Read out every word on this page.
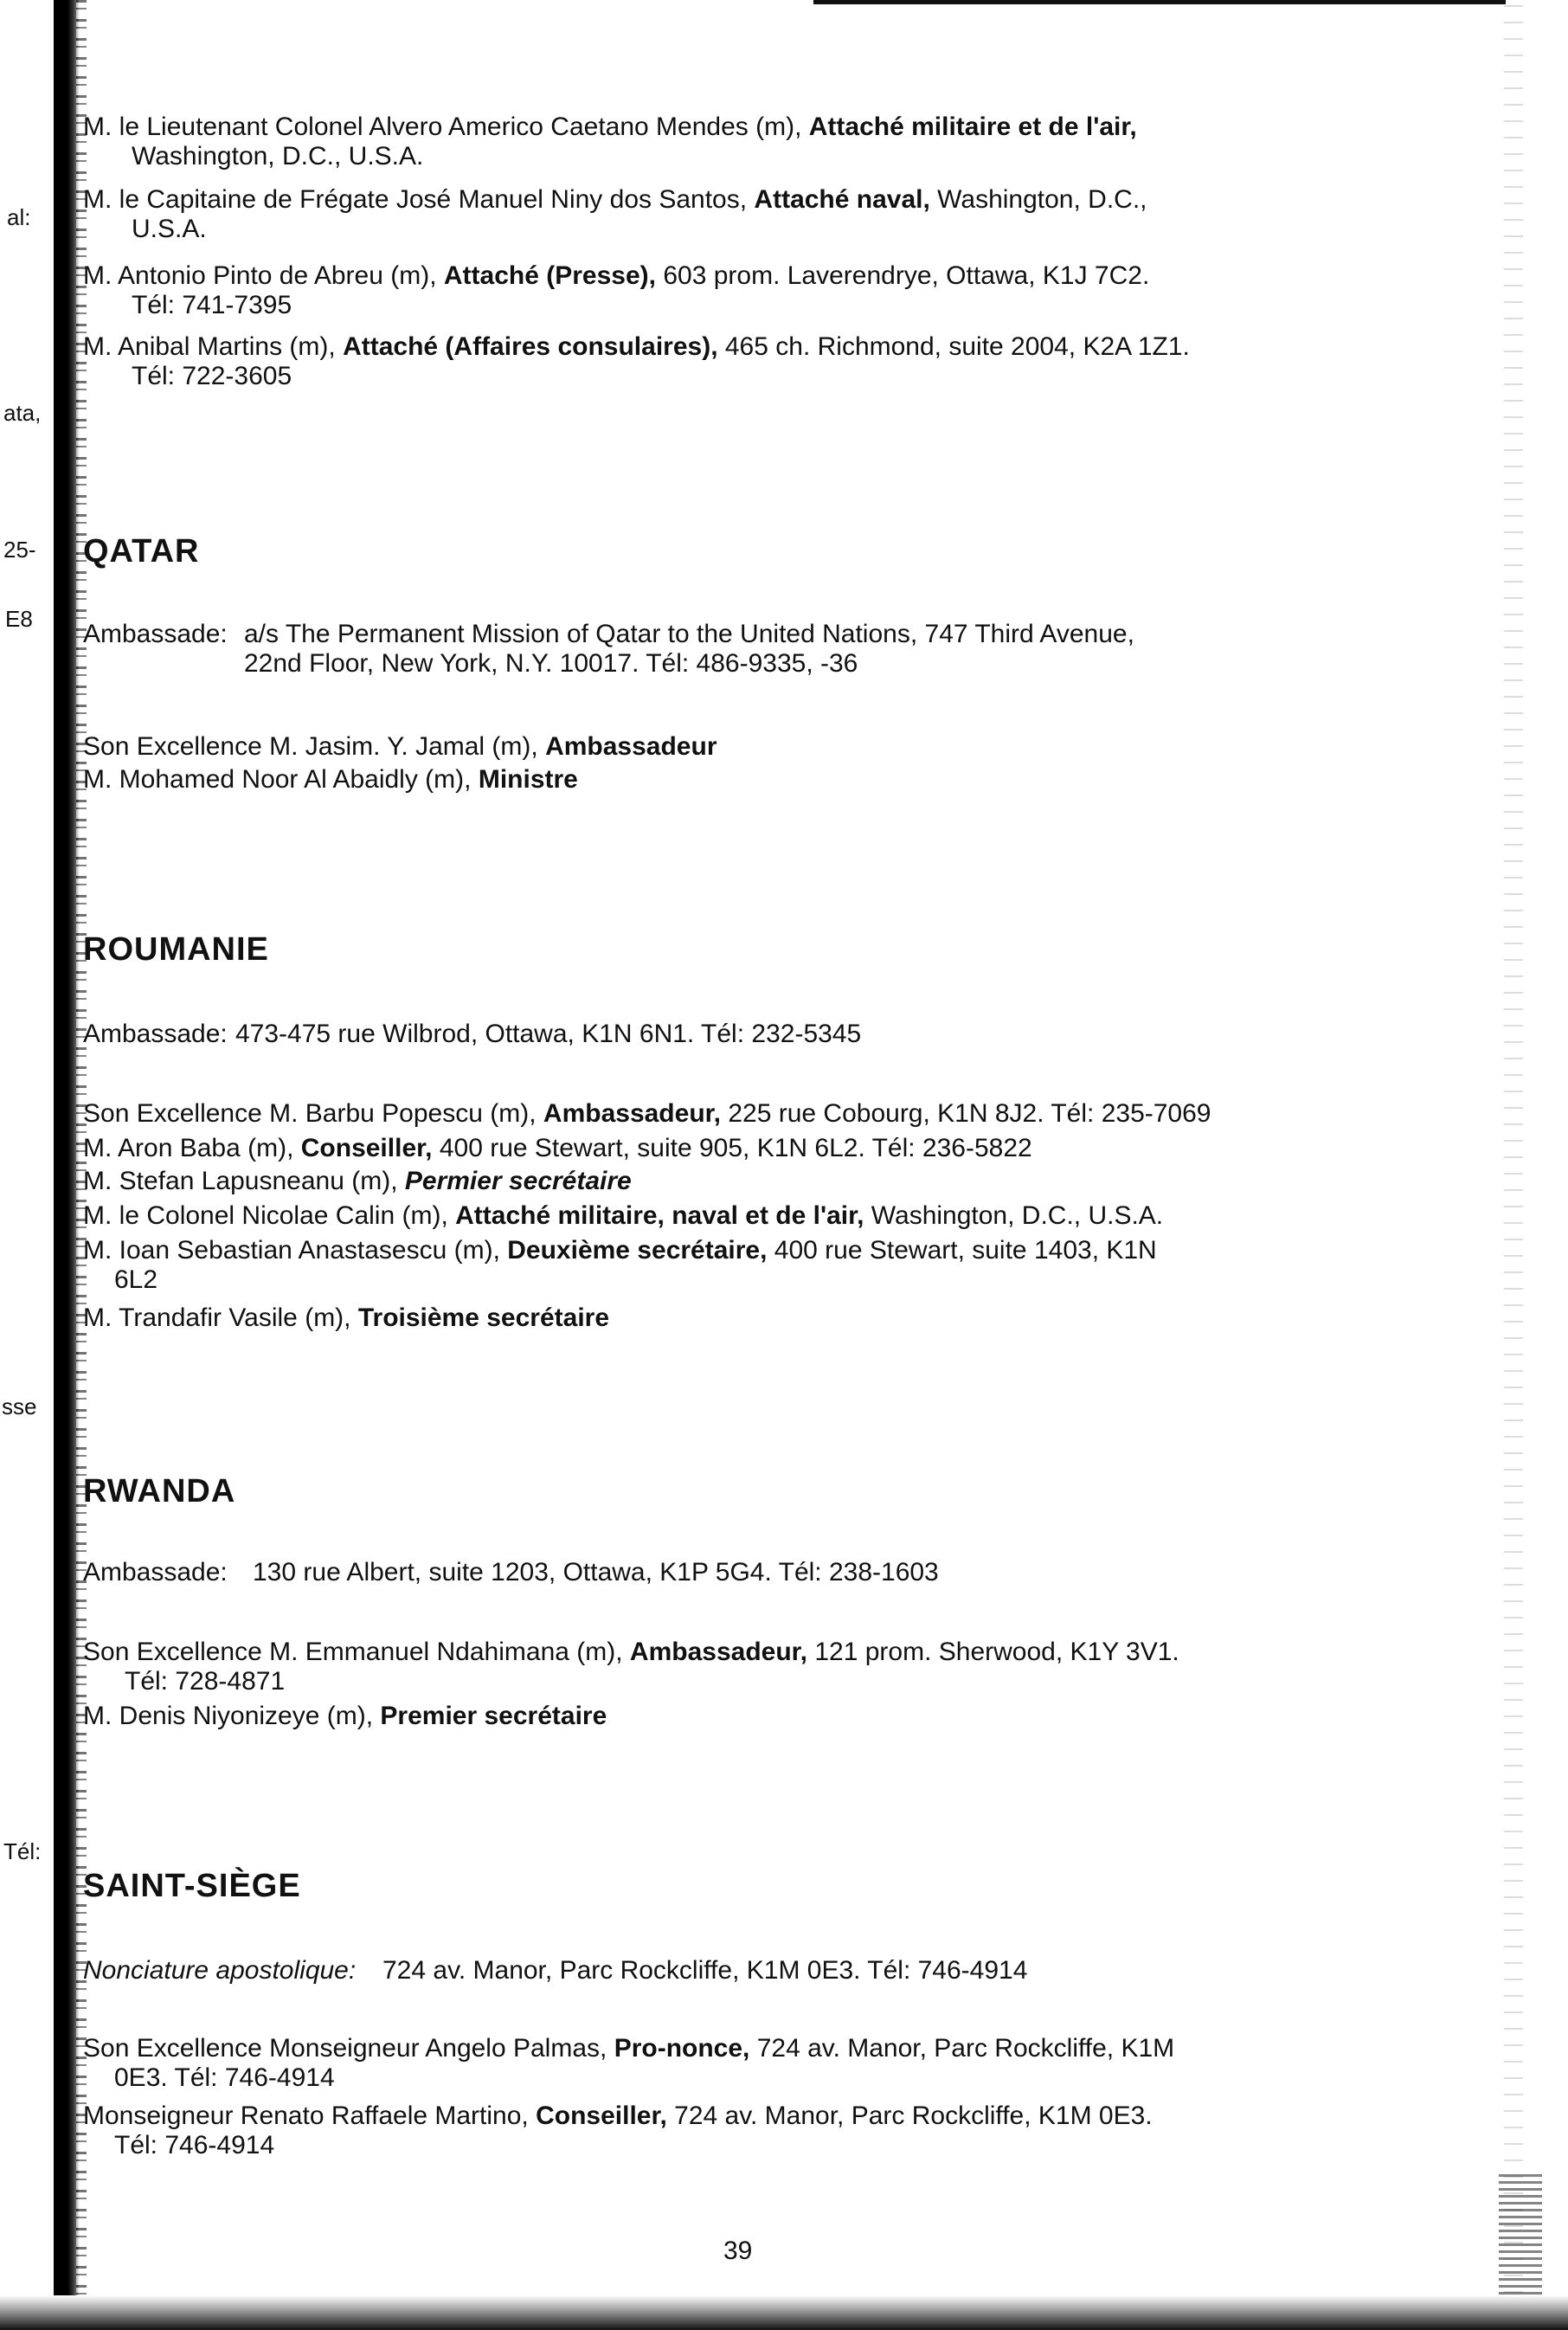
al:
ata,
25-
E8
sse
Tél:
M. le Lieutenant Colonel Alvero Americo Caetano Mendes (m), Attaché militaire et de l'air,
Washington, D.C., U.S.A.
M. le Capitaine de Frégate José Manuel Niny dos Santos, Attaché naval, Washington, D.C.,
U.S.A.
M. Antonio Pinto de Abreu (m), Attaché (Presse), 603 prom. Laverendrye, Ottawa, K1J 7C2.
Tél: 741-7395
M. Anibal Martins (m), Attaché (Affaires consulaires), 465 ch. Richmond, suite 2004, K2A 1Z1.
Tél: 722-3605
QATAR
Ambassade: a/s The Permanent Mission of Qatar to the United Nations, 747 Third Avenue,
22nd Floor, New York, N.Y. 10017. Tél: 486-9335, -36
Son Excellence M. Jasim. Y. Jamal (m), Ambassadeur
M. Mohamed Noor Al Abaidly (m), Ministre
ROUMANIE
Ambassade: 473-475 rue Wilbrod, Ottawa, K1N 6N1. Tél: 232-5345
Son Excellence M. Barbu Popescu (m), Ambassadeur, 225 rue Cobourg, K1N 8J2. Tél: 235-7069
M. Aron Baba (m), Conseiller, 400 rue Stewart, suite 905, K1N 6L2. Tél: 236-5822
M. Stefan Lapusneanu (m), Permier secrétaire
M. le Colonel Nicolae Calin (m), Attaché militaire, naval et de l'air, Washington, D.C., U.S.A.
M. Ioan Sebastian Anastasescu (m), Deuxième secrétaire, 400 rue Stewart, suite 1403, K1N
6L2
M. Trandafir Vasile (m), Troisième secrétaire
RWANDA
Ambassade: 130 rue Albert, suite 1203, Ottawa, K1P 5G4. Tél: 238-1603
Son Excellence M. Emmanuel Ndahimana (m), Ambassadeur, 121 prom. Sherwood, K1Y 3V1.
Tél: 728-4871
M. Denis Niyonizeye (m), Premier secrétaire
SAINT-SIÈGE
Nonciature apostolique: 724 av. Manor, Parc Rockcliffe, K1M 0E3. Tél: 746-4914
Son Excellence Monseigneur Angelo Palmas, Pro-nonce, 724 av. Manor, Parc Rockcliffe, K1M
0E3. Tél: 746-4914
Monseigneur Renato Raffaele Martino, Conseiller, 724 av. Manor, Parc Rockcliffe, K1M 0E3.
Tél: 746-4914
39
